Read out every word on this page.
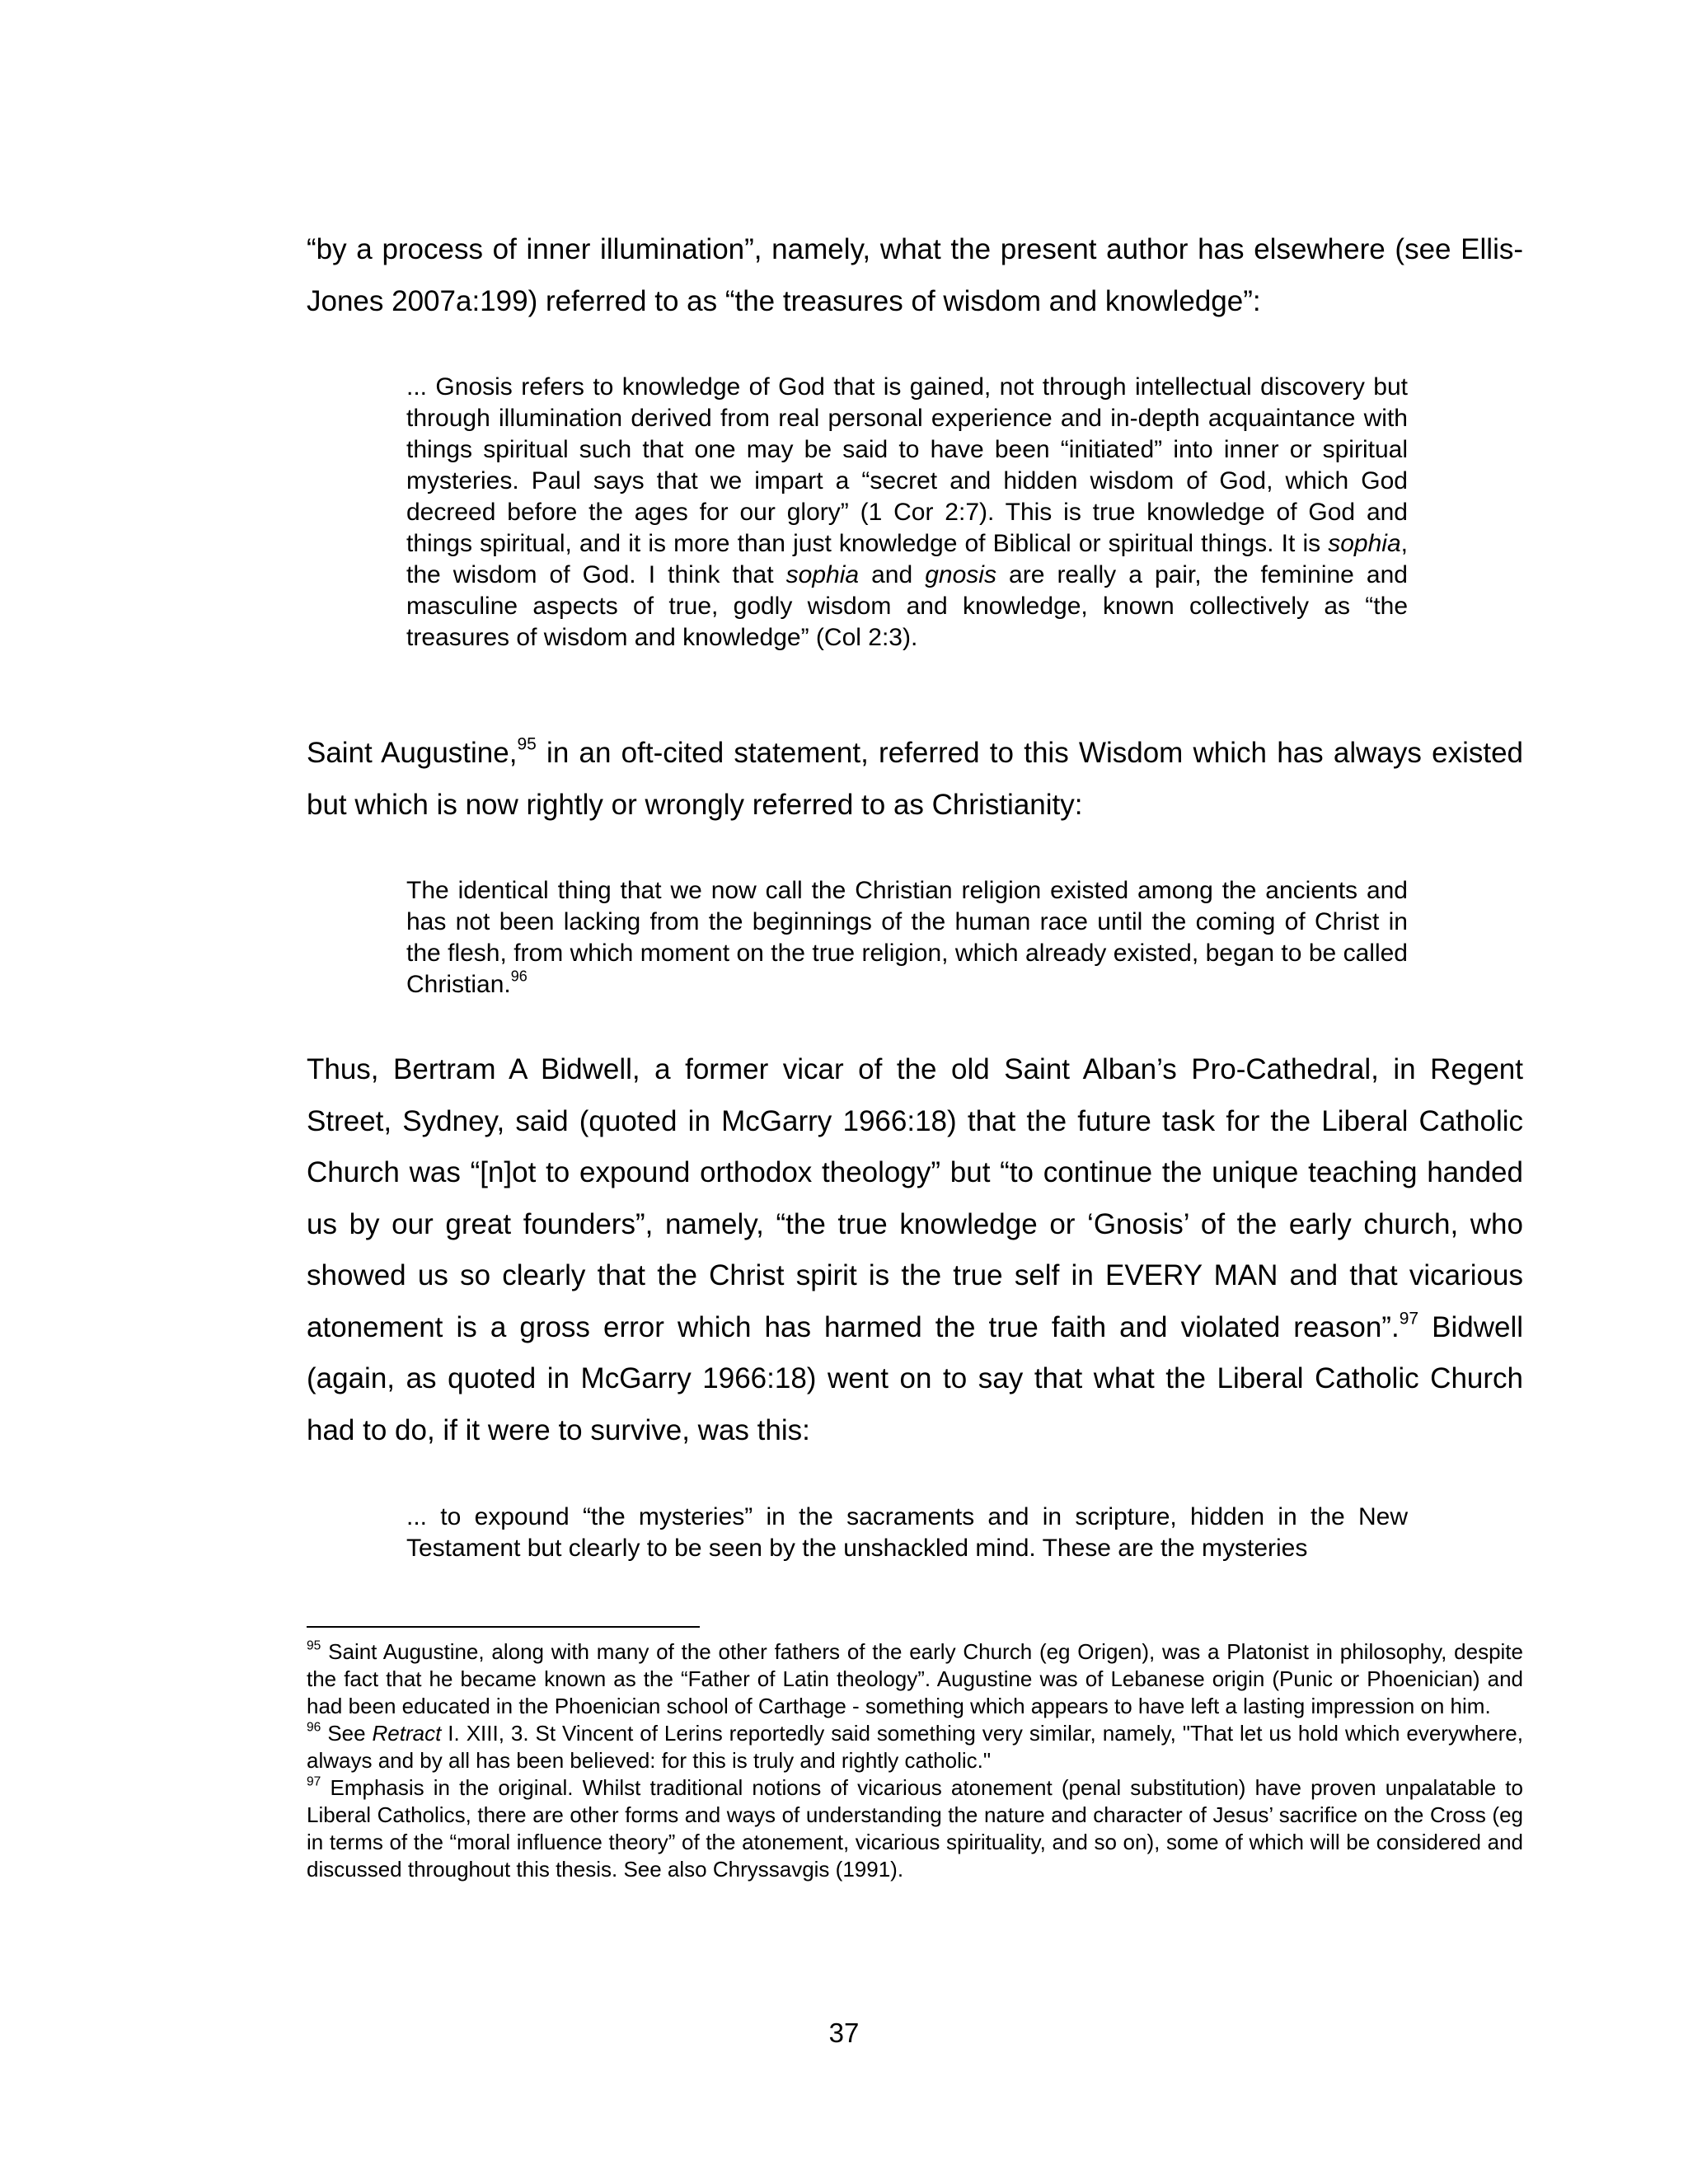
“by a process of inner illumination”, namely, what the present author has elsewhere (see Ellis-Jones 2007a:199) referred to as “the treasures of wisdom and knowledge”:

... Gnosis refers to knowledge of God that is gained, not through intellectual discovery but through illumination derived from real personal experience and in-depth acquaintance with things spiritual such that one may be said to have been “initiated” into inner or spiritual mysteries. Paul says that we impart a “secret and hidden wisdom of God, which God decreed before the ages for our glory” (1 Cor 2:7). This is true knowledge of God and things spiritual, and it is more than just knowledge of Biblical or spiritual things. It is sophia, the wisdom of God. I think that sophia and gnosis are really a pair, the feminine and masculine aspects of true, godly wisdom and knowledge, known collectively as “the treasures of wisdom and knowledge” (Col 2:3).

Saint Augustine,$^{95}$ in an oft-cited statement, referred to this Wisdom which has always existed but which is now rightly or wrongly referred to as Christianity:

The identical thing that we now call the Christian religion existed among the ancients and has not been lacking from the beginnings of the human race until the coming of Christ in the flesh, from which moment on the true religion, which already existed, began to be called Christian.$^{96}$

Thus, Bertram A Bidwell, a former vicar of the old Saint Alban’s Pro-Cathedral, in Regent Street, Sydney, said (quoted in McGarry 1966:18) that the future task for the Liberal Catholic Church was “[n]ot to expound orthodox theology” but “to continue the unique teaching handed us by our great founders”, namely, “the true knowledge or ‘Gnosis’ of the early church, who showed us so clearly that the Christ spirit is the true self in EVERY MAN and that vicarious atonement is a gross error which has harmed the true faith and violated reason”.$^{97}$ Bidwell (again, as quoted in McGarry 1966:18) went on to say that what the Liberal Catholic Church had to do, if it were to survive, was this:

... to expound “the mysteries” in the sacraments and in scripture, hidden in the New Testament but clearly to be seen by the unshackled mind. These are the mysteries

$^{95}$ Saint Augustine, along with many of the other fathers of the early Church (eg Origen), was a Platonist in philosophy, despite the fact that he became known as the “Father of Latin theology”. Augustine was of Lebanese origin (Punic or Phoenician) and had been educated in the Phoenician school of Carthage - something which appears to have left a lasting impression on him.

$^{96}$ See Retract I. XIII, 3. St Vincent of Lerins reportedly said something very similar, namely, "That let us hold which everywhere, always and by all has been believed: for this is truly and rightly catholic."

$^{97}$ Emphasis in the original. Whilst traditional notions of vicarious atonement (penal substitution) have proven unpalatable to Liberal Catholics, there are other forms and ways of understanding the nature and character of Jesus’ sacrifice on the Cross (eg in terms of the “moral influence theory” of the atonement, vicarious spirituality, and so on), some of which will be considered and discussed throughout this thesis. See also Chryssavgis (1991).

37
